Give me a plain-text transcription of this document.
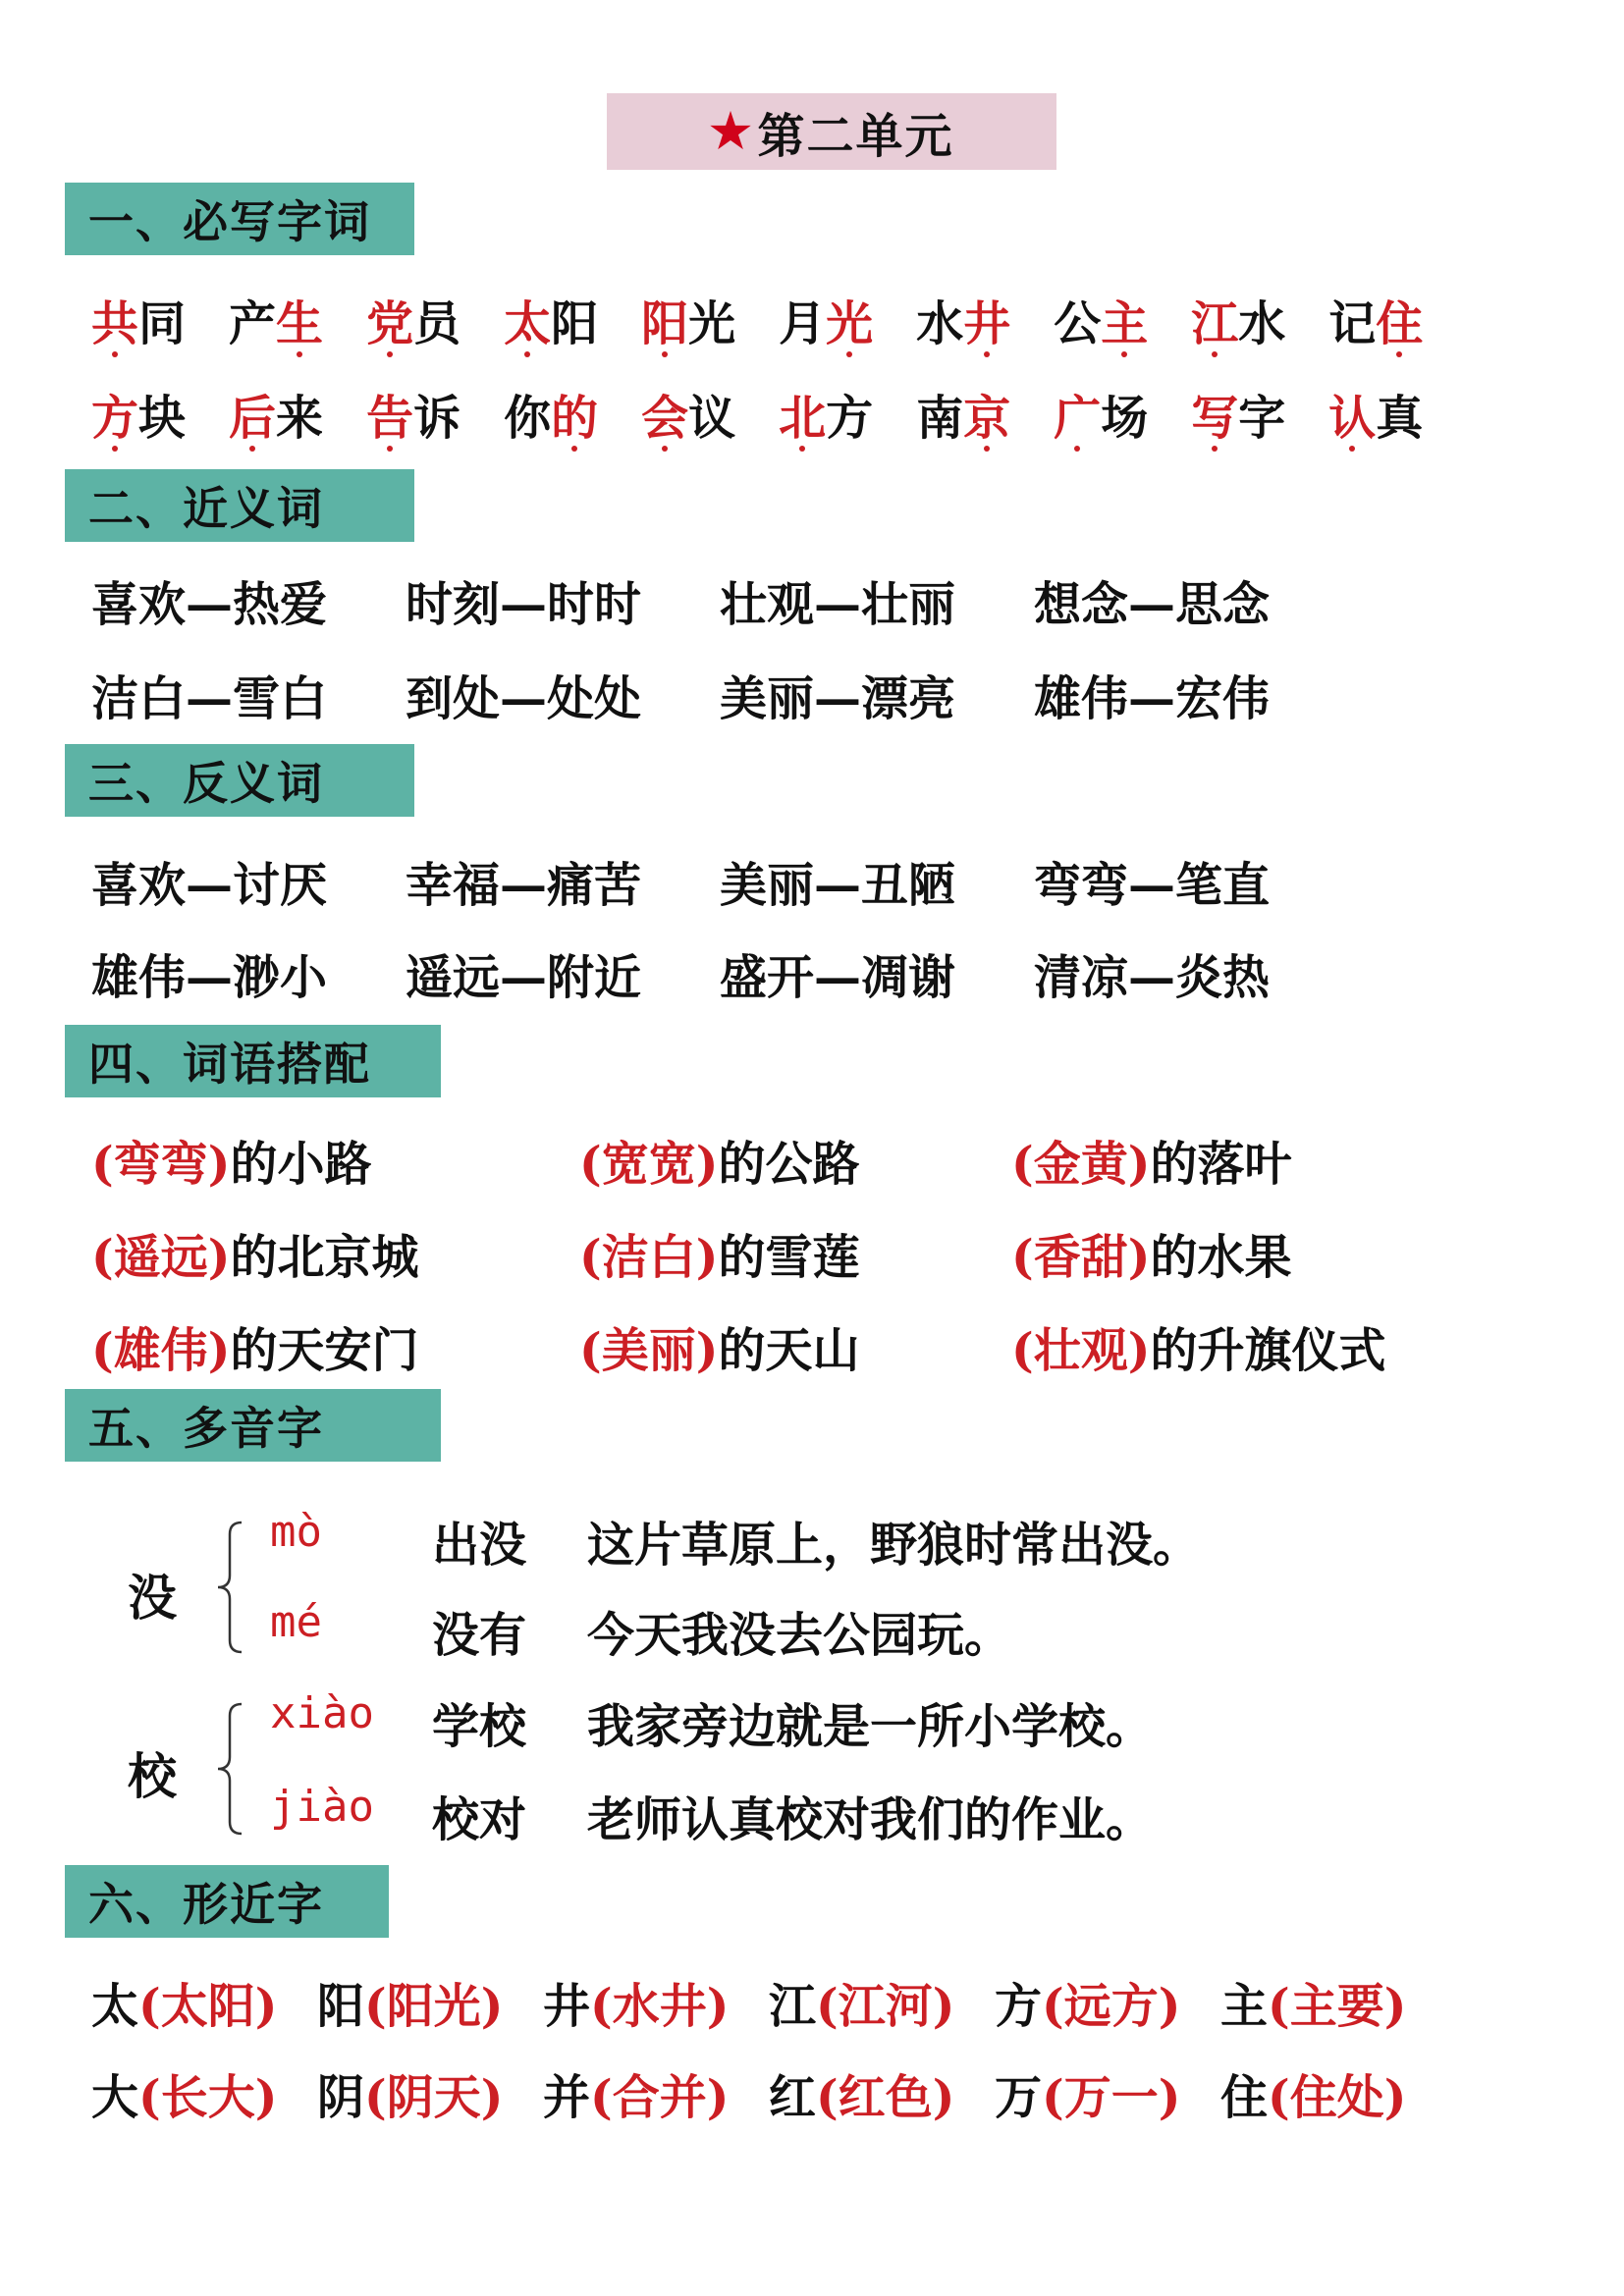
★ 第二单元
一、必写字词
共同 产生 党员 太阳 阳光 月光 水井 公主 江水 记住
方块 后来 告诉 你的 会议 北方 南京 广场 写字 认真
二、近义词
喜欢—热爱	时刻—时时	壮观—壮丽	想念—思念
洁白—雪白	到处—处处	美丽—漂亮	雄伟—宏伟
三、反义词
喜欢—讨厌	幸福—痛苦	美丽—丑陋	弯弯—笔直
雄伟—渺小	遥远—附近	盛开—凋谢	清凉—炎热
四、词语搭配
(弯弯) 的小路	(宽宽) 的公路	(金黄) 的落叶
(遥远) 的北京城	(洁白) 的雪莲	(香甜) 的水果
(雄伟) 的天安门	(美丽) 的天山	(壮观) 的升旗仪式
五、多音字
没
mò 出没 这片草原上，野狼时常出没。
mé 没有 今天我没去公园玩。
校
xiào 学校 我家旁边就是一所小学校。
jiào 校对 老师认真校对我们的作业。
六、形近字
太(太阳) 阳(阳光) 井(水井) 江(江河) 方(远方) 主(主要)
大(长大) 阴(阴天) 并(合并) 红(红色) 万(万一) 住(住处)
